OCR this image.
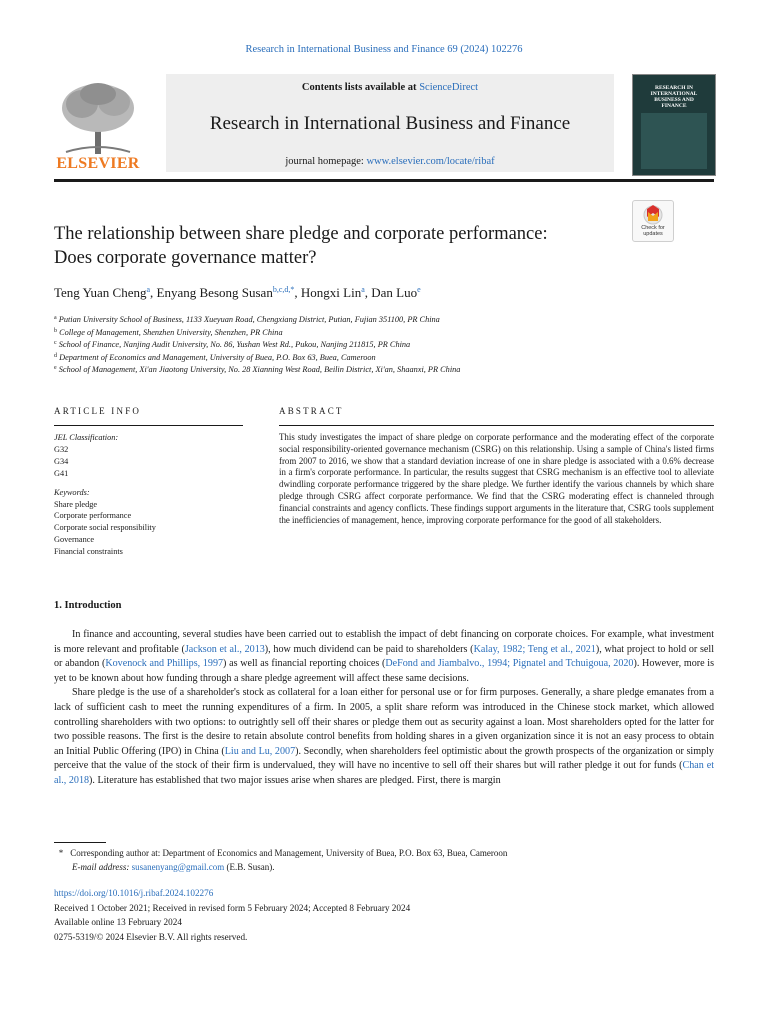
Research in International Business and Finance 69 (2024) 102276
Contents lists available at ScienceDirect
Research in International Business and Finance
journal homepage: www.elsevier.com/locate/ribaf
ELSEVIER
RESEARCH IN INTERNATIONAL BUSINESS AND FINANCE
Check for
updates
The relationship between share pledge and corporate performance: Does corporate governance matter?
Teng Yuan Cheng$^a$, Enyang Besong Susan$^{b,c,d,*}$, Hongxi Lin$^a$, Dan Luo$^e$
$^a$ Putian University School of Business, 1133 Xueyuan Road, Chengxiang District, Putian, Fujian 351100, PR China
$^b$ College of Management, Shenzhen University, Shenzhen, PR China
$^c$ School of Finance, Nanjing Audit University, No. 86, Yushan West Rd., Pukou, Nanjing 211815, PR China
$^d$ Department of Economics and Management, University of Buea, P.O. Box 63, Buea, Cameroon
$^e$ School of Management, Xi'an Jiaotong University, No. 28 Xianning West Road, Beilin District, Xi'an, Shaanxi, PR China
ARTICLE INFO	ABSTRACT
JEL Classification:
G32
G34
G41
Keywords:
Share pledge
Corporate performance
Corporate social responsibility
Governance
Financial constraints
This study investigates the impact of share pledge on corporate performance and the moderating effect of the corporate social responsibility-oriented governance mechanism (CSRG) on this relationship. Using a sample of China's listed firms from 2007 to 2016, we show that a standard deviation increase of one in share pledge is associated with a 0.6% decrease in a firm's corporate performance. In particular, the results suggest that CSRG mechanism is an effective tool to alleviate dwindling corporate performance triggered by the share pledge. We further identify the various channels by which share pledge through CSRG affect corporate performance. We find that the CSRG moderating effect is channeled through financial constraints and agency conflicts. These findings support arguments in the literature that, CSRG tools supplement the inefficiencies of management, hence, improving corporate performance for the good of all stakeholders.
1. Introduction

In finance and accounting, several studies have been carried out to establish the impact of debt financing on corporate choices. For example, what investment is more relevant and profitable (Jackson et al., 2013), how much dividend can be paid to shareholders (Kalay, 1982; Teng et al., 2021), what project to hold or sell or abandon (Kovenock and Phillips, 1997) as well as financial reporting choices (DeFond and Jiambalvo., 1994; Pignatel and Tchuigoua, 2020). However, more is yet to be known about how funding through a share pledge agreement will affect these same decisions.

Share pledge is the use of a shareholder's stock as collateral for a loan either for personal use or for firm purposes. Generally, a share pledge emanates from a lack of sufficient cash to meet the running expenditures of a firm. In 2005, a split share reform was introduced in the Chinese stock market, which allowed controlling shareholders with two options: to outrightly sell off their shares or pledge them out as security against a loan. Most shareholders opted for the latter for two possible reasons. The first is the desire to retain absolute control benefits from holding shares in a given organization since it is not an easy process to obtain an Initial Public Offering (IPO) in China (Liu and Lu, 2007). Secondly, when shareholders feel optimistic about the growth prospects of the organization or simply perceive that the value of the stock of their firm is undervalued, they will have no incentive to sell off their shares but will rather pledge it out for funds (Chan et al., 2018). Literature has established that two major issues arise when shares are pledged. First, there is margin

* Corresponding author at: Department of Economics and Management, University of Buea, P.O. Box 63, Buea, Cameroon
E-mail address: susanenyang@gmail.com (E.B. Susan).
https://doi.org/10.1016/j.ribaf.2024.102276
Received 1 October 2021; Received in revised form 5 February 2024; Accepted 8 February 2024
Available online 13 February 2024
0275-5319/© 2024 Elsevier B.V. All rights reserved.
